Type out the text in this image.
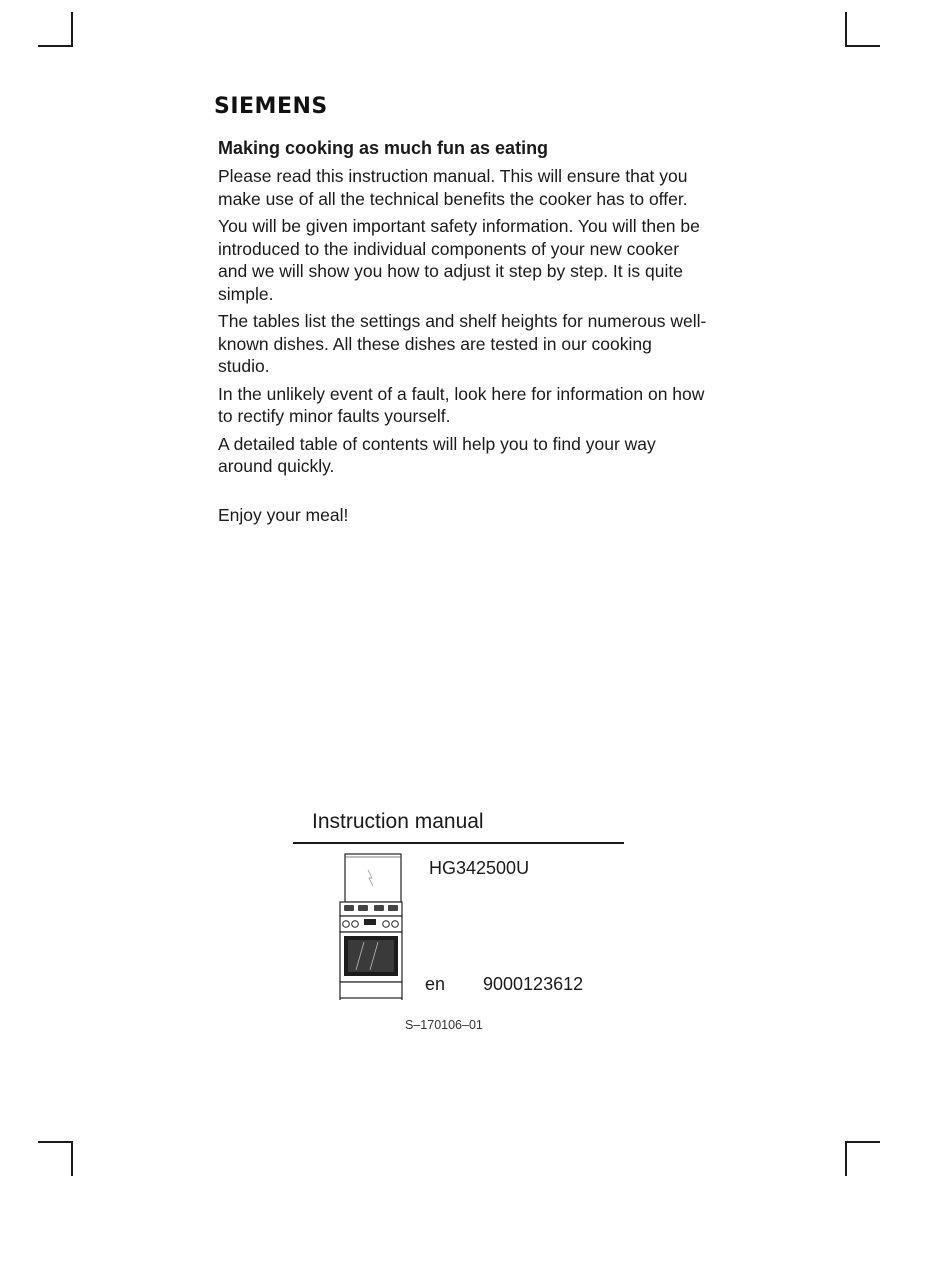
SIEMENS
Making cooking as much fun as eating

Please read this instruction manual. This will ensure that you make use of all the technical benefits the cooker has to offer.

You will be given important safety information. You will then be introduced to the individual components of your new cooker and we will show you how to adjust it step by step. It is quite simple.

The tables list the settings and shelf heights for numerous well-known dishes. All these dishes are tested in our cooking studio.

In the unlikely event of a fault, look here for information on how to rectify minor faults yourself.

A detailed table of contents will help you to find your way around quickly.

Enjoy your meal!

Instruction manual
HG342500U
en 9000123612
S–170106–01
